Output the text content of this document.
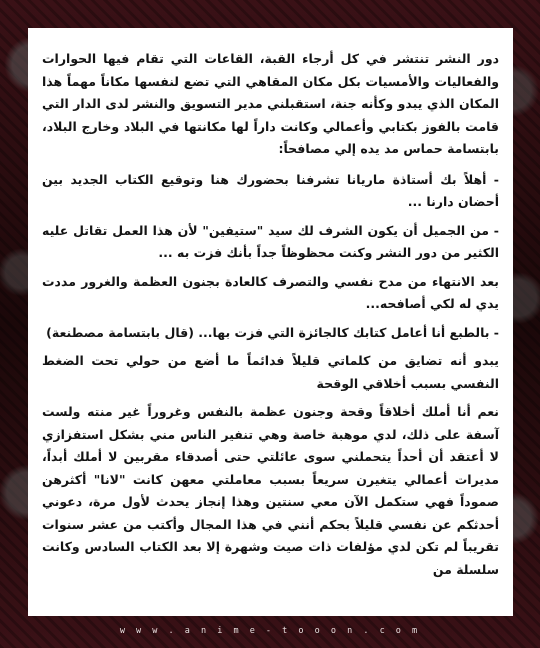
دور النشر تنتشر في كل أرجاء القبة، القاعات التي تقام فيها الحوارات والفعاليات والأمسيات بكل مكان المقاهي التي تضع لنفسها مكاناً مهماً هذا المكان الذي يبدو وكأنه جنة، استقبلني مدير التسويق والنشر لدى الدار التي قامت بالفوز بكتابي وأعمالي وكانت داراً لها مكانتها في البلاد وخارج البلاد، بابتسامة حماس مد يده إلي مصافحاً:

- أهلاً بك أستاذة ماريانا تشرفنا بحضورك هنا وتوقيع الكتاب الجديد بين أحضان دارنا ...

- من الجميل أن يكون الشرف لك سيد "ستيفين" لأن هذا العمل تقاتل عليه الكثير من دور النشر وكنت محظوظاً جداً بأنك فزت به ...

بعد الانتهاء من مدح نفسي والتصرف كالعادة بجنون العظمة والغرور مددت يدي له لكي أصافحه...

- بالطبع أنا أعامل كتابك كالجائزة التي فزت بها... (قال بابتسامة مصطنعة)

يبدو أنه تضايق من كلماتي قليلاً فدائماً ما أضع من حولي تحت الضغط النفسي بسبب أخلاقي الوقحة

نعم أنا أملك أخلاقاً وقحة وجنون عظمة بالنفس وغروراً غير منته ولست آسفة على ذلك، لدي موهبة خاصة وهي تنفير الناس مني بشكل استفزازي لا أعتقد أن أحداً يتحملني سوى عائلتي حتى أصدقاء مقربين لا أملك أبداً، مديرات أعمالي يتغيرن سريعاً بسبب معاملتي معهن كانت "لانا" أكثرهن صموداً فهي ستكمل الآن معي سنتين وهذا إنجاز يحدث لأول مرة، دعوني أحدثكم عن نفسي قليلاً بحكم أنني في هذا المجال وأكتب من عشر سنوات تقريباً لم تكن لدي مؤلفات ذات صيت وشهرة إلا بعد الكتاب السادس وكانت سلسلة من

w w w . a n i m e - t o o o n . c o m
